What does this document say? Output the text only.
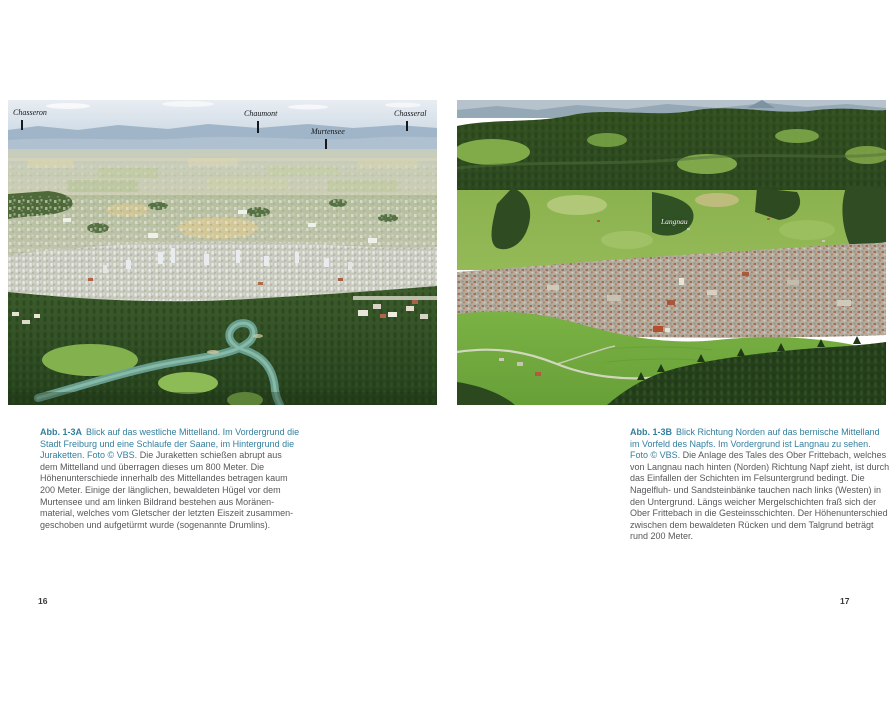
Chasseron	Chaumont
Murtensee
Chasseral
Langnau

Abb. 1-3A Blick auf das westliche Mittelland. Im Vordergrund die Stadt Freiburg und eine Schlaufe der Saane, im Hintergrund die Juraketten. Foto © VBS. Die Juraketten schießen abrupt aus dem Mittelland und überragen dieses um 800 Meter. Die Höhenunterschiede innerhalb des Mittellandes betragen kaum 200 Meter. Einige der länglichen, bewaldeten Hügel vor dem Murtensee und am linken Bildrand bestehen aus Moränenmaterial, welches vom Gletscher der letzten Eiszeit zusammengeschoben und aufgetürmt wurde (sogenannte Drumlins).

Abb. 1-3B Blick Richtung Norden auf das bernische Mittelland im Vorfeld des Napfs. Im Vordergrund ist Langnau zu sehen. Foto © VBS. Die Anlage des Tales des Ober Frittebach, welches von Langnau nach hinten (Norden) Richtung Napf zieht, ist durch das Einfallen der Schichten im Felsuntergrund bedingt. Die Nagelfluh- und Sandsteinbänke tauchen nach links (Westen) in den Untergrund. Längs weicher Mergelschichten fraß sich der Ober Frittebach in die Gesteinsschichten. Der Höhenunterschied zwischen dem bewaldeten Rücken und dem Talgrund beträgt rund 200 Meter.

16	17
